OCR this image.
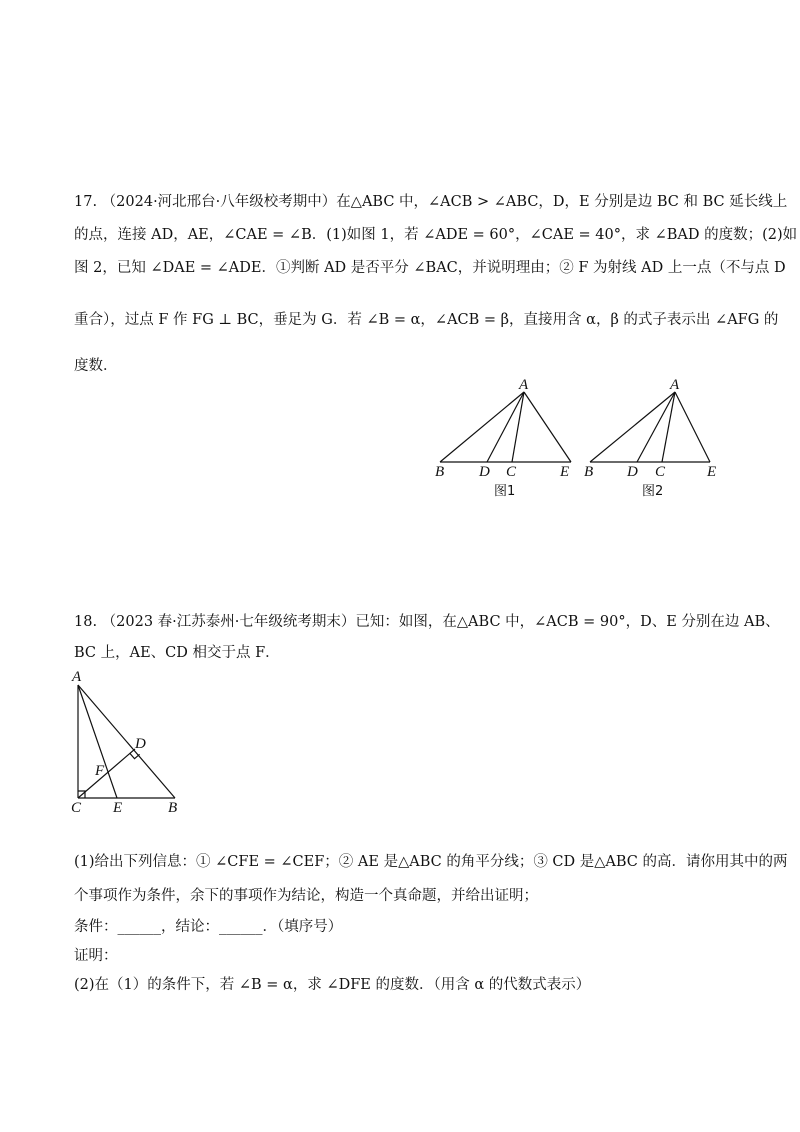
17. （2024·河北邢台·八年级校考期中）在△ABC 中，∠ACB > ∠ABC，D，E 分别是边 BC 和 BC 延长线上
的点，连接 AD，AE，∠CAE = ∠B．(1)如图 1，若 ∠ADE = 60°，∠CAE = 40°，求 ∠BAD 的度数；(2)如
图 2，已知 ∠DAE = ∠ADE．①判断 AD 是否平分 ∠BAC，并说明理由；② F 为射线 AD 上一点（不与点 D
重合），过点 F 作 FG ⊥ BC，垂足为 G．若 ∠B = α，∠ACB = β，直接用含 α，β 的式子表示出 ∠AFG 的
度数．
A
B D C	E
图1
A
B D C	E
图2
18. （2023 春·江苏泰州·七年级统考期末）已知：如图，在△ABC 中，∠ACB = 90°，D、E 分别在边 AB、
BC 上，AE、CD 相交于点 F．
A
D
F
C E	B
(1)给出下列信息：① ∠CFE = ∠CEF；② AE 是△ABC 的角平分线；③ CD 是△ABC 的高．请你用其中的两
个事项作为条件，余下的事项作为结论，构造一个真命题，并给出证明；
条件：______，结论：______．（填序号）
证明：
(2)在（1）的条件下，若 ∠B = α，求 ∠DFE 的度数．（用含 α 的代数式表示）
